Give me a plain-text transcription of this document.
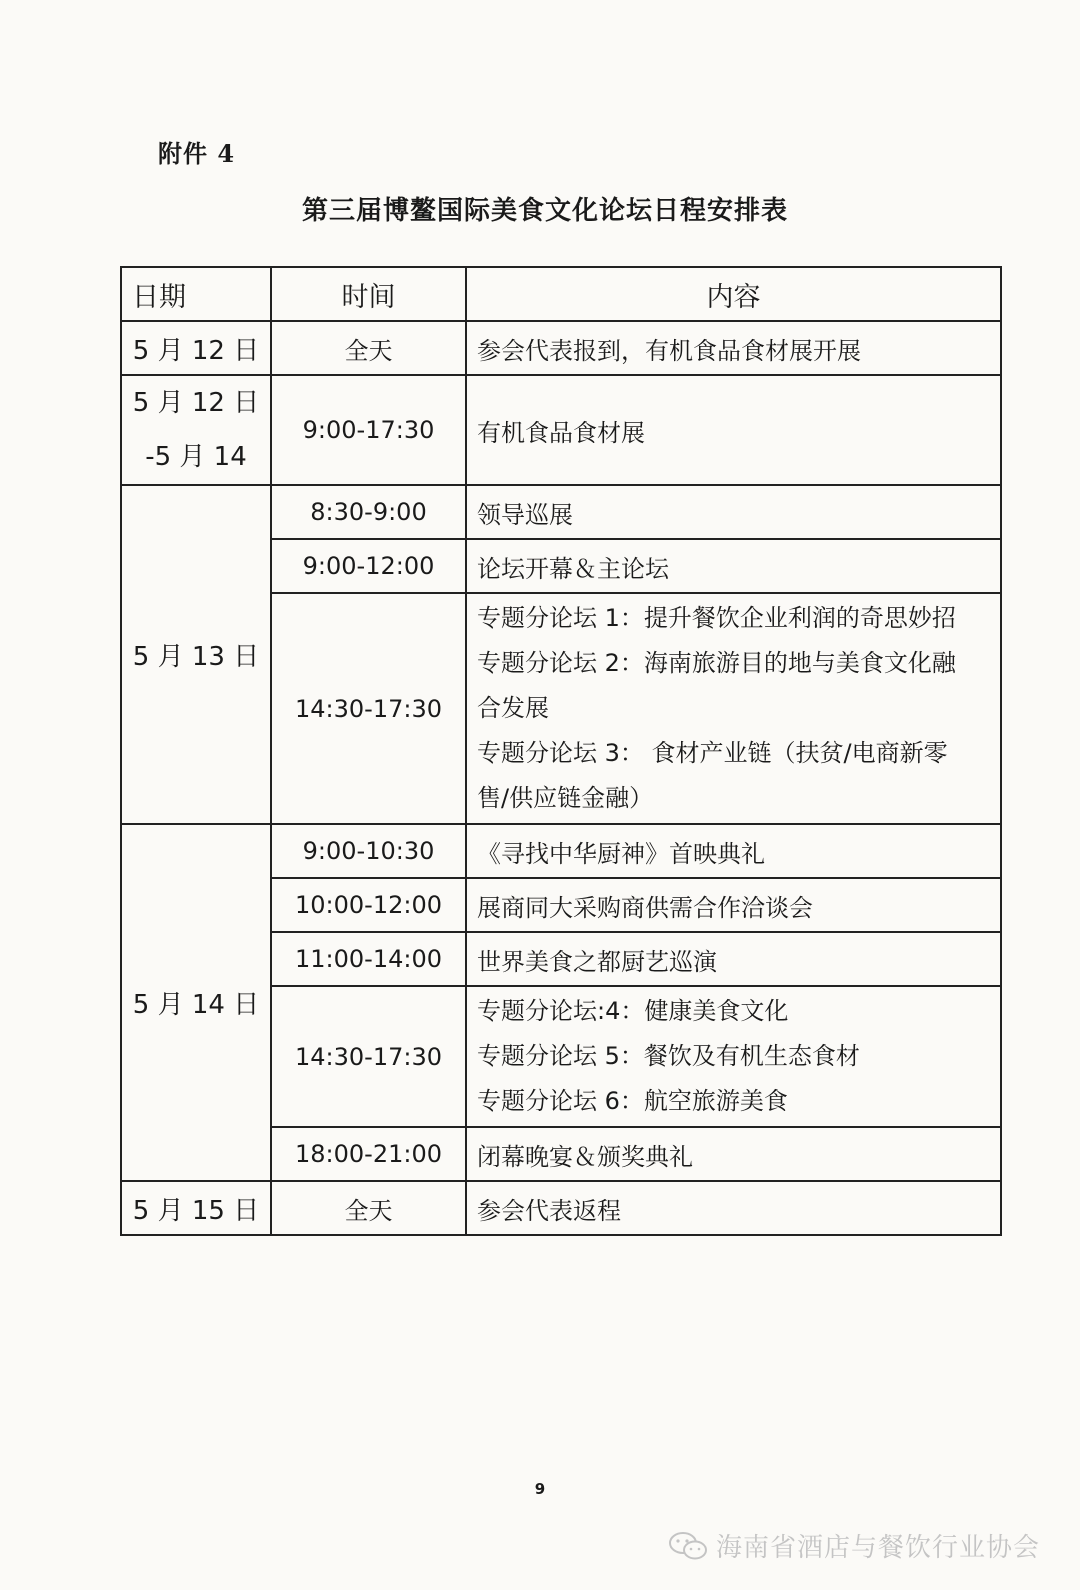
附件 4
第三届博鳌国际美食文化论坛日程安排表
日期	时间	内容
5 月 12 日	全天	参会代表报到，有机食品食材展开展

5 月 12 日
-5 月 14	9:00-17:30	有机食品食材展
5 月 13 日	8:30-9:00	领导巡展
	9:00-12:00	论坛开幕＆主论坛
	14:30-17:30	专题分论坛 1：提升餐饮企业利润的奇思妙招
专题分论坛 2：海南旅游目的地与美食文化融
合发展
专题分论坛 3： 食材产业链（扶贫/电商新零
售/供应链金融）

5 月 14 日	9:00-10:30	《寻找中华厨神》首映典礼
	10:00-12:00	展商同大采购商供需合作洽谈会
	11:00-14:00	世界美食之都厨艺巡演
	14:30-17:30	专题分论坛:4：健康美食文化
专题分论坛 5：餐饮及有机生态食材
专题分论坛 6：航空旅游美食

	18:00-21:00	闭幕晚宴＆颁奖典礼
5 月 15 日	全天	参会代表返程
9
海南省酒店与餐饮行业协会
